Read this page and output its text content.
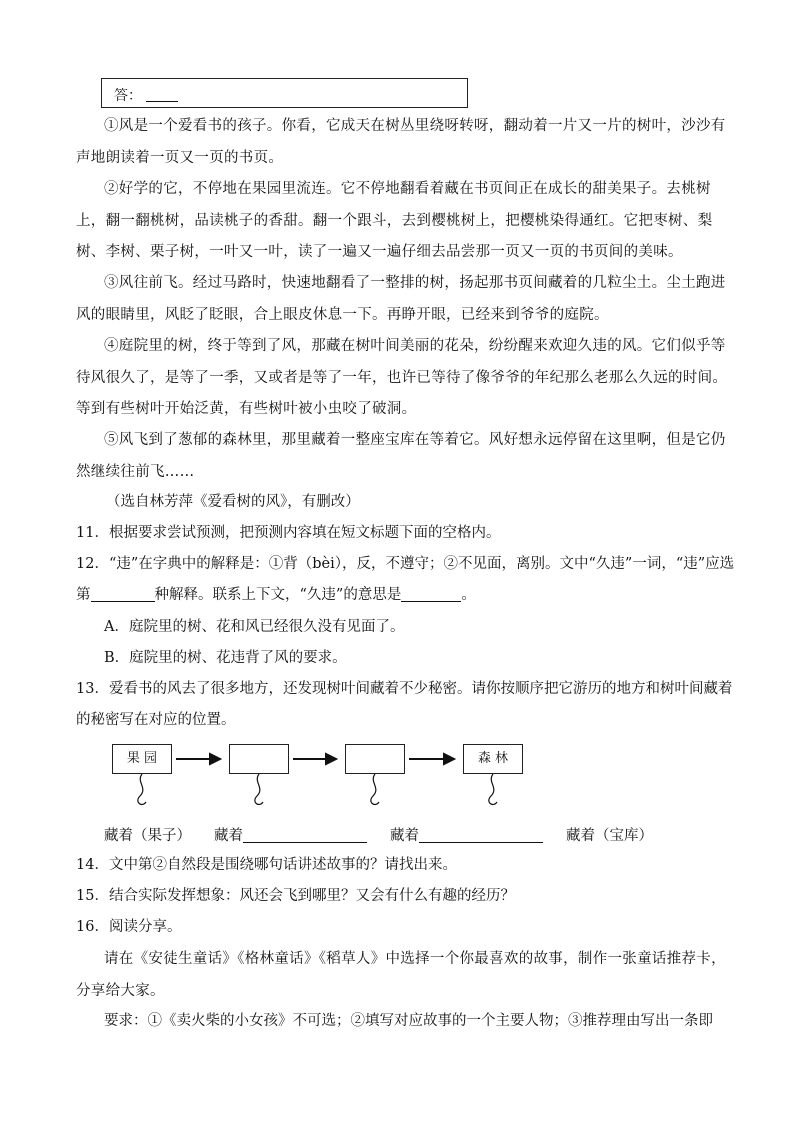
答：
①风是一个爱看书的孩子。你看，它成天在树丛里绕呀转呀，翻动着一片又一片的树叶，沙沙有声地朗读着一页又一页的书页。
②好学的它，不停地在果园里流连。它不停地翻看着藏在书页间正在成长的甜美果子。去桃树上，翻一翻桃树，品读桃子的香甜。翻一个跟斗，去到樱桃树上，把樱桃染得通红。它把枣树、梨树、李树、栗子树，一叶又一叶，读了一遍又一遍仔细去品尝那一页又一页的书页间的美味。
③风往前飞。经过马路时，快速地翻看了一整排的树，扬起那书页间藏着的几粒尘土。尘土跑进风的眼睛里，风眨了眨眼，合上眼皮休息一下。再睁开眼，已经来到爷爷的庭院。
④庭院里的树，终于等到了风，那藏在树叶间美丽的花朵，纷纷醒来欢迎久违的风。它们似乎等待风很久了，是等了一季，又或者是等了一年，也许已等待了像爷爷的年纪那么老那么久远的时间。等到有些树叶开始泛黄，有些树叶被小虫咬了破洞。
⑤风飞到了葱郁的森林里，那里藏着一整座宝库在等着它。风好想永远停留在这里啊，但是它仍然继续往前飞……
（选自林芳萍《爱看树的风》，有删改）
11．根据要求尝试预测，把预测内容填在短文标题下面的空格内。
12．“违”在字典中的解释是：①背（bèi），反，不遵守；②不见面，离别。文中“久违”一词，“违”应选
第	种解释。联系上下文，“久违”的意思是	。
A．庭院里的树、花和风已经很久没有见面了。
B．庭院里的树、花违背了风的要求。
13．爱看书的风去了很多地方，还发现树叶间藏着不少秘密。请你按顺序把它游历的地方和树叶间藏着
的秘密写在对应的位置。
果 园	森 林
藏着（果子） 藏着	藏着	藏着（宝库）
14．文中第②自然段是围绕哪句话讲述故事的？请找出来。
15．结合实际发挥想象：风还会飞到哪里？又会有什么有趣的经历？
16．阅读分享。
请在《安徒生童话》《格林童话》《稻草人》中选择一个你最喜欢的故事，制作一张童话推荐卡，分享给大家。
要求：①《卖火柴的小女孩》不可选；②填写对应故事的一个主要人物；③推荐理由写出一条即
